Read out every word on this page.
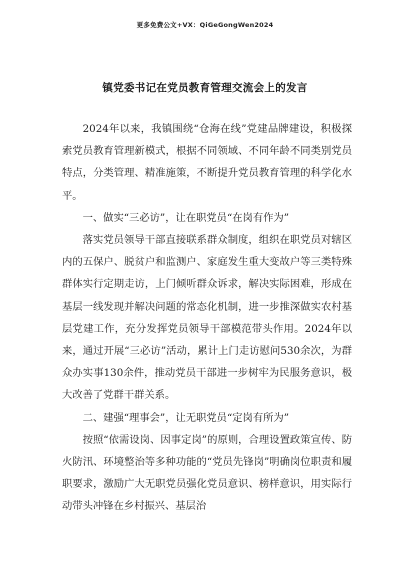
更多免费公文+VX：QiGeGongWen2024
镇党委书记在党员教育管理交流会上的发言

2024年以来，我镇围绕“仓海在线”党建品牌建设，积极探索党员教育管理新模式，根据不同领域、不同年龄不同类别党员特点，分类管理、精准施策，不断提升党员教育管理的科学化水平。

一、做实“三必访”，让在职党员“在岗有作为”

落实党员领导干部直接联系群众制度，组织在职党员对辖区内的五保户、脱贫户和监测户、家庭发生重大变故户等三类特殊群体实行定期走访，上门倾听群众诉求，解决实际困难，形成在基层一线发现并解决问题的常态化机制，进一步推深做实农村基层党建工作，充分发挥党员领导干部模范带头作用。2024年以来，通过开展“三必访”活动，累计上门走访慰问530余次，为群众办实事130余件，推动党员干部进一步树牢为民服务意识，极大改善了党群干群关系。

二、建强“理事会”，让无职党员“定岗有所为”

按照“依需设岗、因事定岗”的原则，合理设置政策宣传、防火防汛、环境整治等多种功能的“党员先锋岗”明确岗位职责和履职要求，激励广大无职党员强化党员意识、榜样意识，用实际行动带头冲锋在乡村振兴、基层治
